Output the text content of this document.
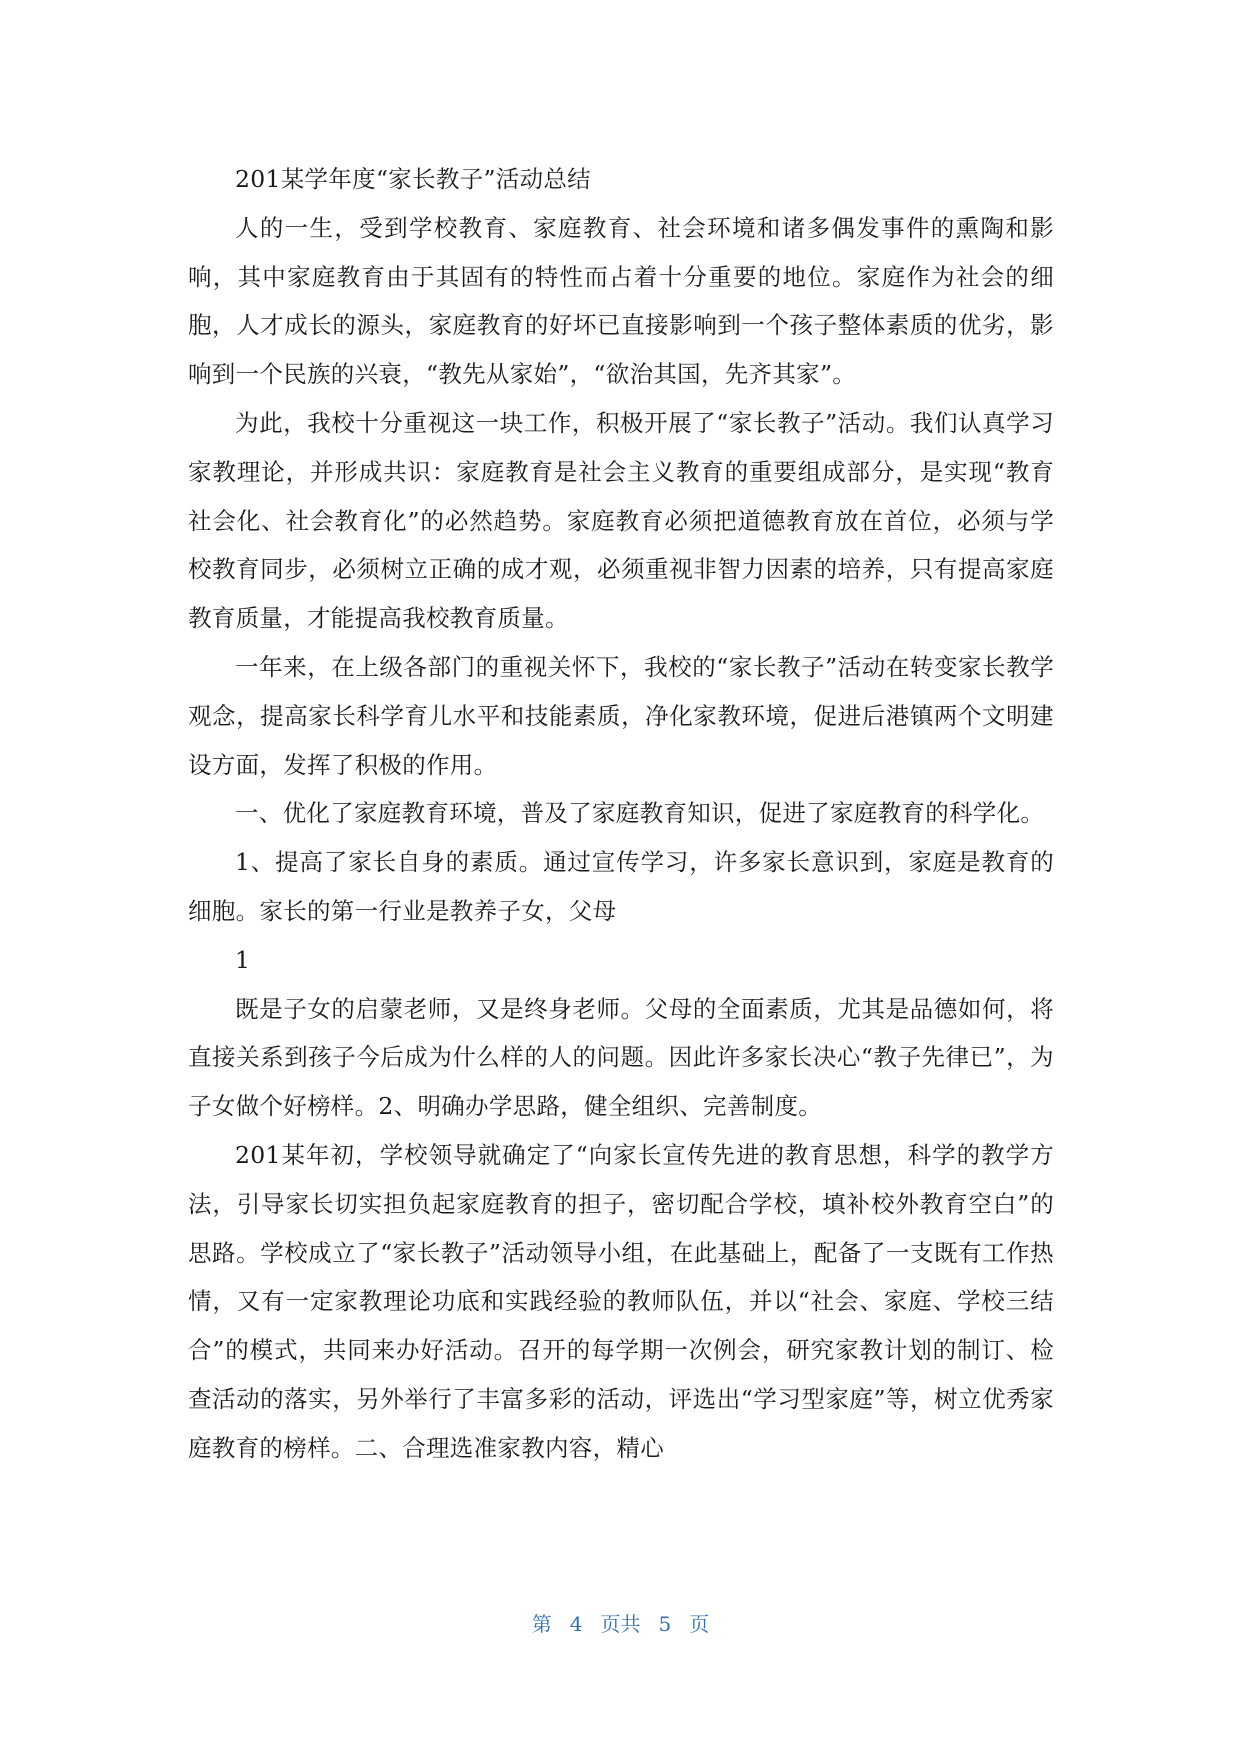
201某学年度“家长教子”活动总结

人的一生，受到学校教育、家庭教育、社会环境和诸多偶发事件的熏陶和影响，其中家庭教育由于其固有的特性而占着十分重要的地位。家庭作为社会的细胞，人才成长的源头，家庭教育的好坏已直接影响到一个孩子整体素质的优劣，影响到一个民族的兴衰，“教先从家始”，“欲治其国，先齐其家”。

为此，我校十分重视这一块工作，积极开展了“家长教子”活动。我们认真学习家教理论，并形成共识：家庭教育是社会主义教育的重要组成部分，是实现“教育社会化、社会教育化”的必然趋势。家庭教育必须把道德教育放在首位，必须与学校教育同步，必须树立正确的成才观，必须重视非智力因素的培养，只有提高家庭教育质量，才能提高我校教育质量。

一年来，在上级各部门的重视关怀下，我校的“家长教子”活动在转变家长教学观念，提高家长科学育儿水平和技能素质，净化家教环境，促进后港镇两个文明建设方面，发挥了积极的作用。

一、优化了家庭教育环境，普及了家庭教育知识，促进了家庭教育的科学化。

1、提高了家长自身的素质。通过宣传学习，许多家长意识到，家庭是教育的细胞。家长的第一行业是教养子女，父母

1

既是子女的启蒙老师，又是终身老师。父母的全面素质，尤其是品德如何，将直接关系到孩子今后成为什么样的人的问题。因此许多家长决心“教子先律已”，为子女做个好榜样。2、明确办学思路，健全组织、完善制度。

201某年初，学校领导就确定了“向家长宣传先进的教育思想，科学的教学方法，引导家长切实担负起家庭教育的担子，密切配合学校，填补校外教育空白”的思路。学校成立了“家长教子”活动领导小组，在此基础上，配备了一支既有工作热情，又有一定家教理论功底和实践经验的教师队伍，并以“社会、家庭、学校三结合”的模式，共同来办好活动。召开的每学期一次例会，研究家教计划的制订、检查活动的落实，另外举行了丰富多彩的活动，评选出“学习型家庭”等，树立优秀家庭教育的榜样。二、合理选准家教内容，精心

第 4 页共 5 页
